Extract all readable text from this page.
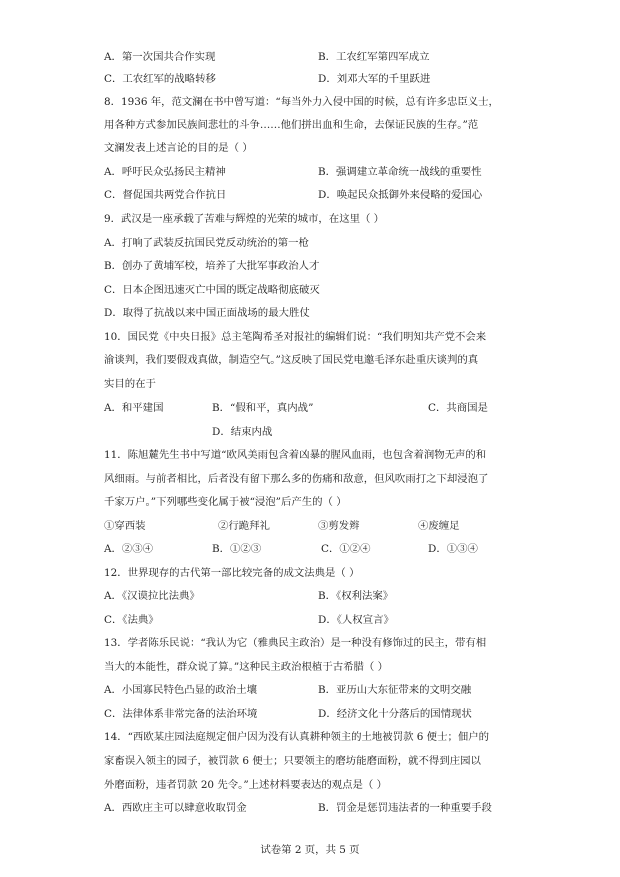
A．第一次国共合作实现	B．工农红军第四军成立
C．工农红军的战略转移	D．刘邓大军的千里跃进
8．1936 年，范文澜在书中曾写道：“每当外力入侵中国的时候，总有许多忠臣义士，
用各种方式参加民族间悲壮的斗争……他们拼出血和生命，去保证民族的生存。”范
文澜发表上述言论的目的是（ ）
A．呼吁民众弘扬民主精神	B．强调建立革命统一战线的重要性
C．督促国共两党合作抗日	D．唤起民众抵御外来侵略的爱国心
9．武汉是一座承载了苦难与辉煌的光荣的城市，在这里（ ）
A．打响了武装反抗国民党反动统治的第一枪
B．创办了黄埔军校，培养了大批军事政治人才
C．日本企图迅速灭亡中国的既定战略彻底破灭
D．取得了抗战以来中国正面战场的最大胜仗
10．国民党《中央日报》总主笔陶希圣对报社的编辑们说：“我们明知共产党不会来
渝谈判，我们要假戏真做，制造空气。”这反映了国民党电邀毛泽东赴重庆谈判的真
实目的在于
A．和平建国	B．“假和平，真内战”	C．共商国是
D．结束内战
11．陈旭麓先生书中写道“欧风美雨包含着凶暴的腥风血雨，也包含着润物无声的和
风细雨。与前者相比，后者没有留下那么多的伤痛和敌意，但风吹雨打之下却浸泡了
千家万户。”下列哪些变化属于被“浸泡”后产生的（ ）
①穿西装	②行跪拜礼	③剪发辫	④废缠足
A．②③④	B．①②③	C．①②④	D．①③④
12．世界现存的古代第一部比较完备的成文法典是（ ）
A．《汉谟拉比法典》	B．《权利法案》
C．《法典》	D．《人权宣言》
13．学者陈乐民说：“我认为它（雅典民主政治）是一种没有修饰过的民主，带有相
当大的本能性，群众说了算。”这种民主政治根植于古希腊（ ）
A．小国寡民特色凸显的政治土壤	B．亚历山大东征带来的文明交融
C．法律体系非常完备的法治环境	D．经济文化十分落后的国情现状
14．“西欧某庄园法庭规定佃户因为没有认真耕种领主的土地被罚款 6 便士；佃户的
家畜误入领主的园子，被罚款 6 便士；只要领主的磨坊能磨面粉，就不得到庄园以
外磨面粉，违者罚款 20 先令。”上述材料要表达的观点是（ ）
A．西欧庄主可以肆意收取罚金	B．罚金是惩罚违法者的一种重要手段
试卷第 2 页，共 5 页
